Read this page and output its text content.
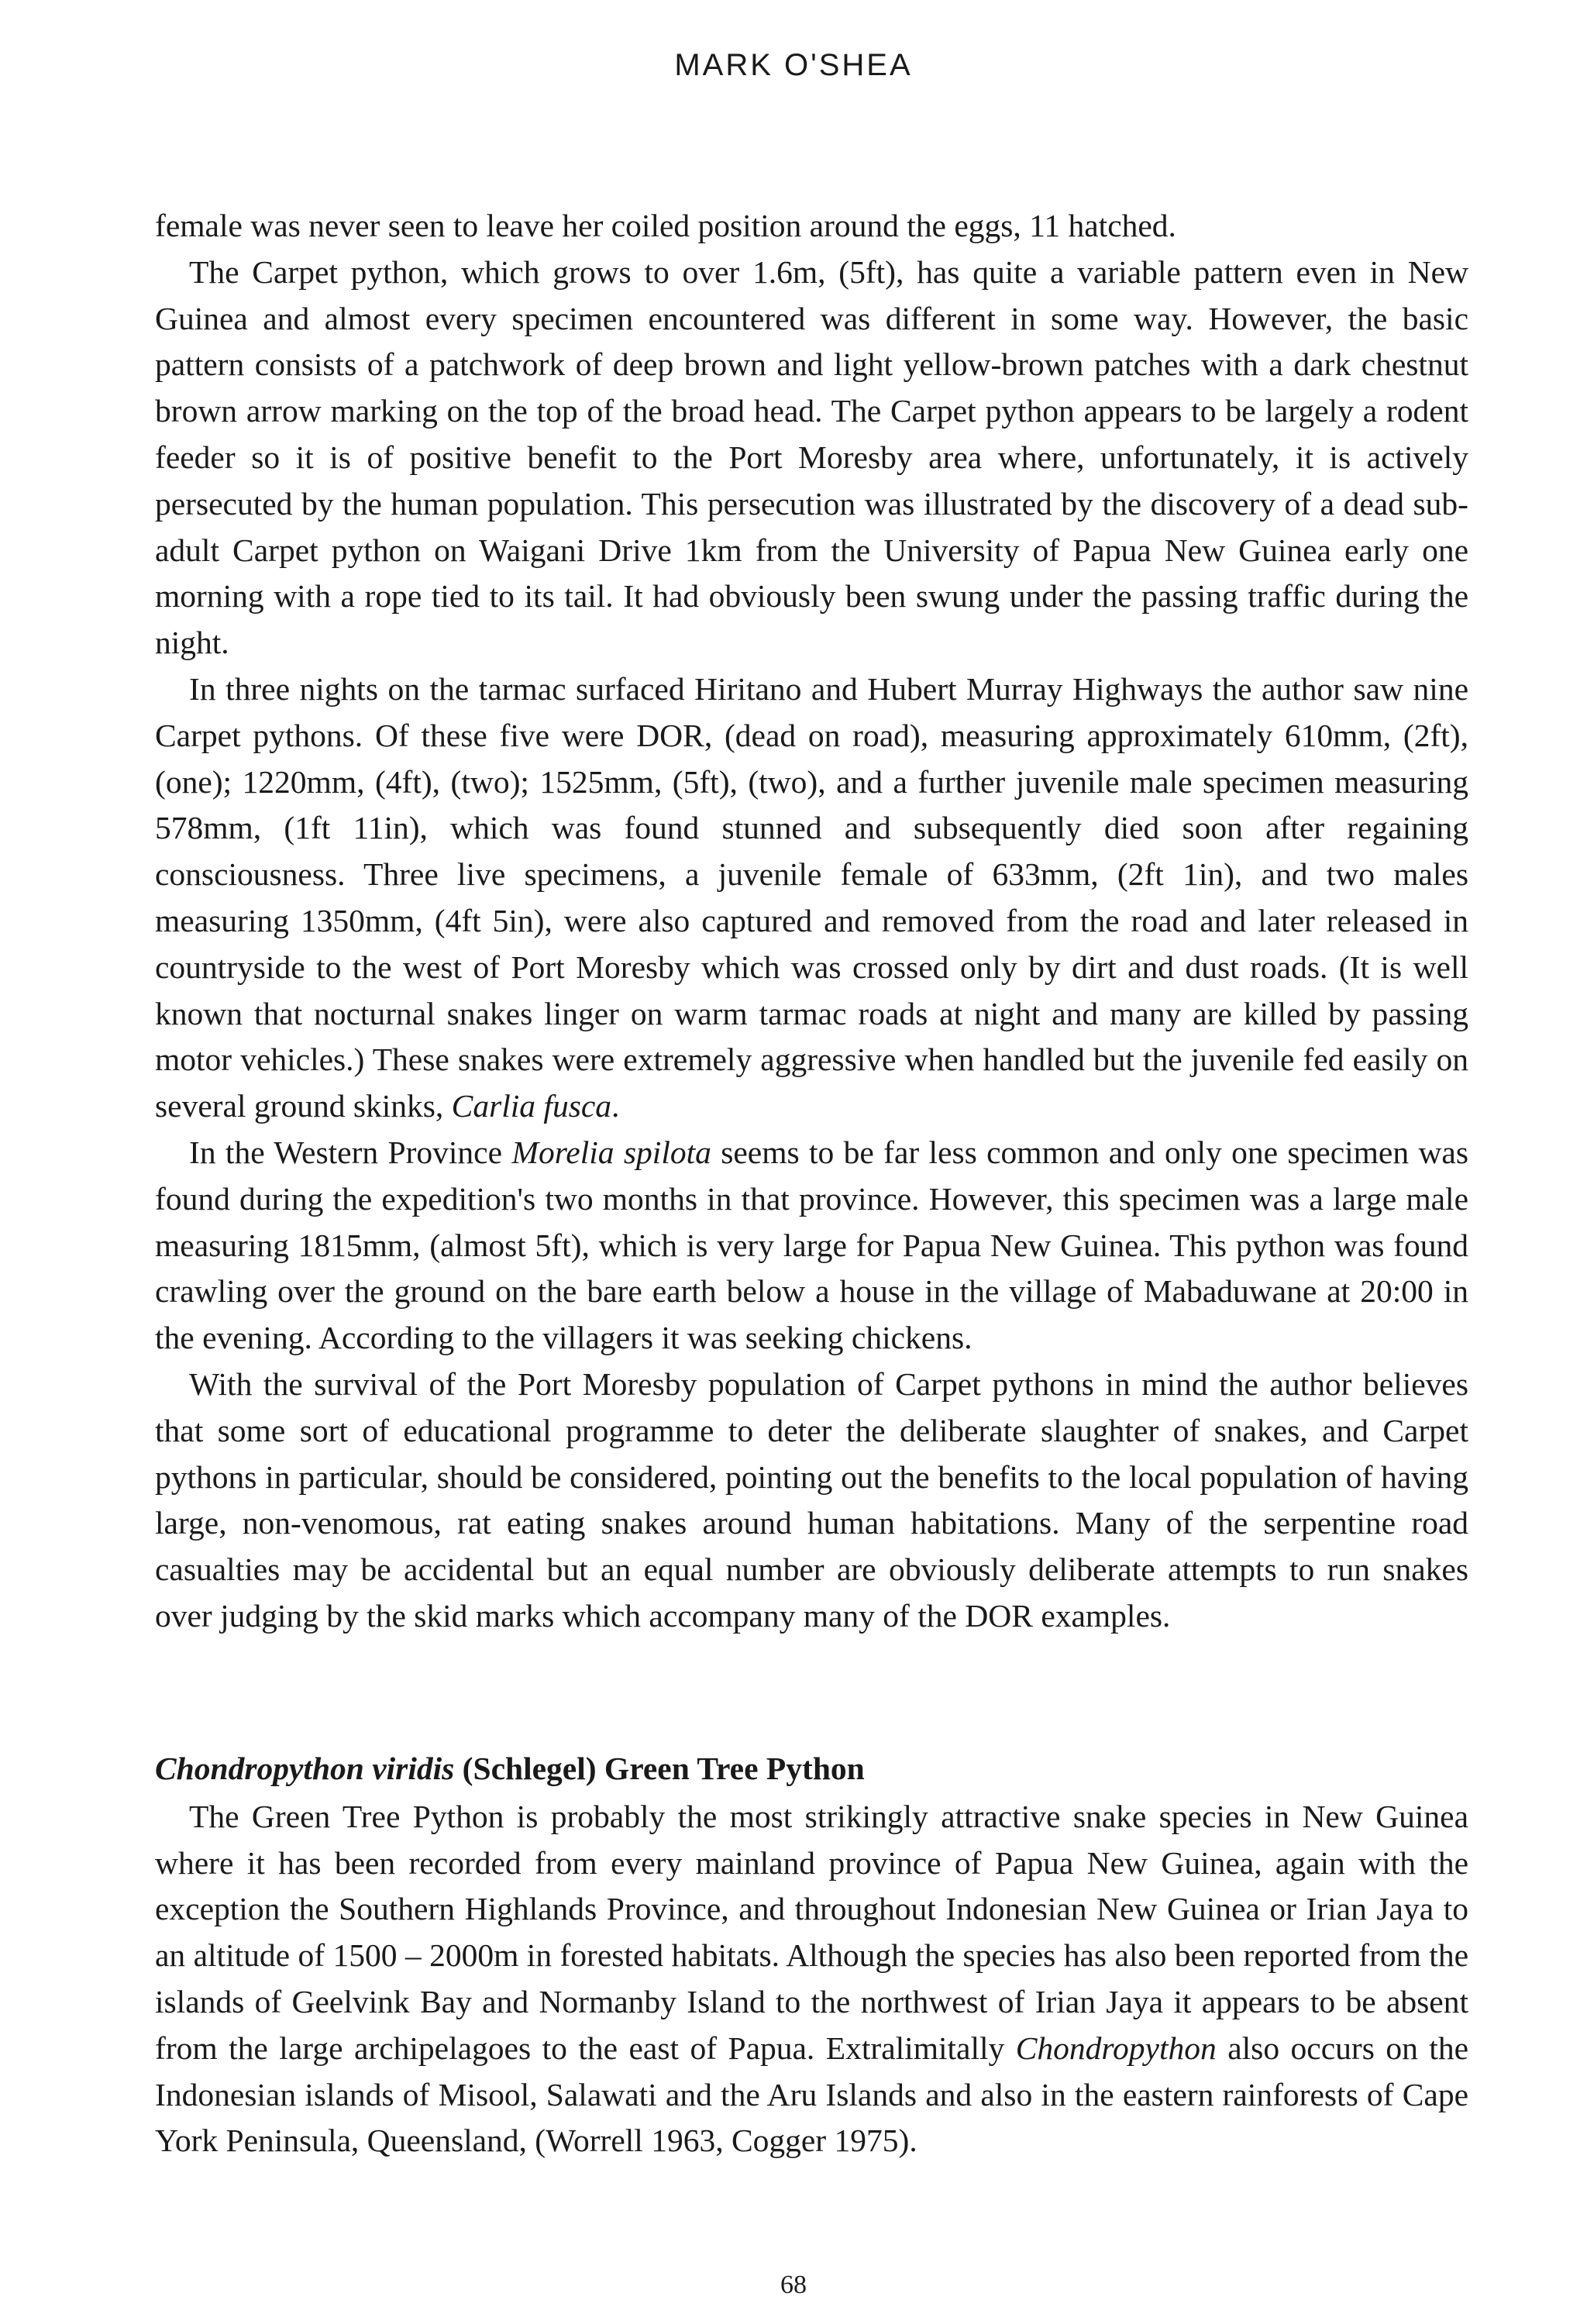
MARK O'SHEA

female was never seen to leave her coiled position around the eggs, 11 hatched.

The Carpet python, which grows to over 1.6m, (5ft), has quite a variable pattern even in New Guinea and almost every specimen encountered was different in some way. However, the basic pattern consists of a patchwork of deep brown and light yellow-brown patches with a dark chestnut brown arrow marking on the top of the broad head. The Carpet python appears to be largely a rodent feeder so it is of positive benefit to the Port Moresby area where, unfortunately, it is actively persecuted by the human population. This persecution was illustrated by the discovery of a dead sub-adult Carpet python on Waigani Drive 1km from the University of Papua New Guinea early one morning with a rope tied to its tail. It had obviously been swung under the passing traffic during the night.

In three nights on the tarmac surfaced Hiritano and Hubert Murray Highways the author saw nine Carpet pythons. Of these five were DOR, (dead on road), measuring approximately 610mm, (2ft), (one); 1220mm, (4ft), (two); 1525mm, (5ft), (two), and a further juvenile male specimen measuring 578mm, (1ft 11in), which was found stunned and subsequently died soon after regaining consciousness. Three live specimens, a juvenile female of 633mm, (2ft 1in), and two males measuring 1350mm, (4ft 5in), were also captured and removed from the road and later released in countryside to the west of Port Moresby which was crossed only by dirt and dust roads. (It is well known that nocturnal snakes linger on warm tarmac roads at night and many are killed by passing motor vehicles.) These snakes were extremely aggressive when handled but the juvenile fed easily on several ground skinks, Carlia fusca.

In the Western Province Morelia spilota seems to be far less common and only one specimen was found during the expedition's two months in that province. However, this specimen was a large male measuring 1815mm, (almost 5ft), which is very large for Papua New Guinea. This python was found crawling over the ground on the bare earth below a house in the village of Mabaduwane at 20:00 in the evening. According to the villagers it was seeking chickens.

With the survival of the Port Moresby population of Carpet pythons in mind the author believes that some sort of educational programme to deter the deliberate slaughter of snakes, and Carpet pythons in particular, should be considered, pointing out the benefits to the local population of having large, non-venomous, rat eating snakes around human habitations. Many of the serpentine road casualties may be accidental but an equal number are obviously deliberate attempts to run snakes over judging by the skid marks which accompany many of the DOR examples.

Chondropython viridis (Schlegel) Green Tree Python

The Green Tree Python is probably the most strikingly attractive snake species in New Guinea where it has been recorded from every mainland province of Papua New Guinea, again with the exception the Southern Highlands Province, and throughout Indonesian New Guinea or Irian Jaya to an altitude of 1500 – 2000m in forested habitats. Although the species has also been reported from the islands of Geelvink Bay and Normanby Island to the northwest of Irian Jaya it appears to be absent from the large archipelagoes to the east of Papua. Extralimitally Chondropython also occurs on the Indonesian islands of Misool, Salawati and the Aru Islands and also in the eastern rainforests of Cape York Peninsula, Queensland, (Worrell 1963, Cogger 1975).

68
